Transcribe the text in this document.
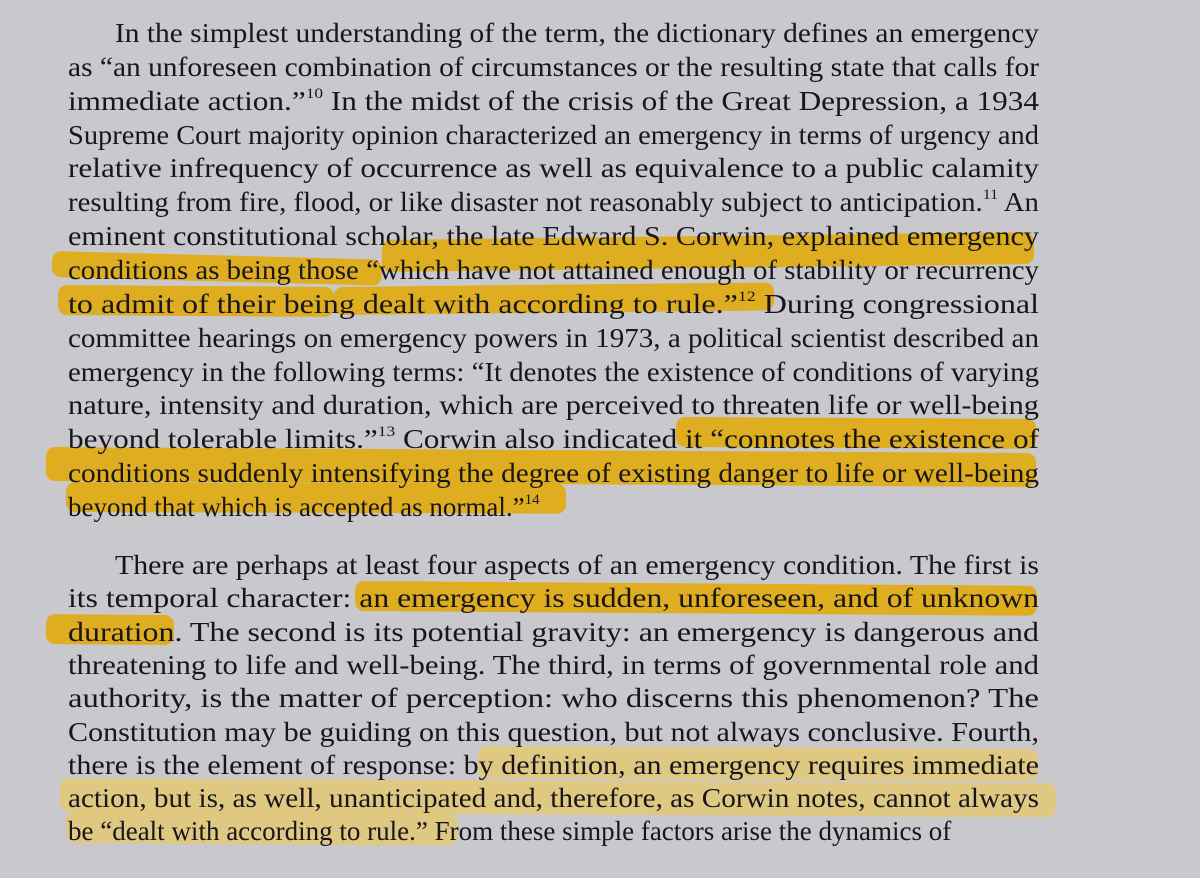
In the simplest understanding of the term, the dictionary defines an emergency
as “an unforeseen combination of circumstances or the resulting state that calls for
immediate action.”$^{10}$ In the midst of the crisis of the Great Depression, a 1934
Supreme Court majority opinion characterized an emergency in terms of urgency and
relative infrequency of occurrence as well as equivalence to a public calamity
resulting from fire, flood, or like disaster not reasonably subject to anticipation.$^{11}$ An
eminent constitutional scholar, the late Edward S. Corwin, explained emergency
conditions as being those “which have not attained enough of stability or recurrency
to admit of their being dealt with according to rule.”$^{12}$ During congressional
committee hearings on emergency powers in 1973, a political scientist described an
emergency in the following terms: “It denotes the existence of conditions of varying
nature, intensity and duration, which are perceived to threaten life or well-being
beyond tolerable limits.”$^{13}$ Corwin also indicated it “connotes the existence of
conditions suddenly intensifying the degree of existing danger to life or well-being
beyond that which is accepted as normal.”$^{14}$
There are perhaps at least four aspects of an emergency condition. The first is
its temporal character: an emergency is sudden, unforeseen, and of unknown
duration. The second is its potential gravity: an emergency is dangerous and
threatening to life and well-being. The third, in terms of governmental role and
authority, is the matter of perception: who discerns this phenomenon? The
Constitution may be guiding on this question, but not always conclusive. Fourth,
there is the element of response: by definition, an emergency requires immediate
action, but is, as well, unanticipated and, therefore, as Corwin notes, cannot always
be “dealt with according to rule.” From these simple factors arise the dynamics of
